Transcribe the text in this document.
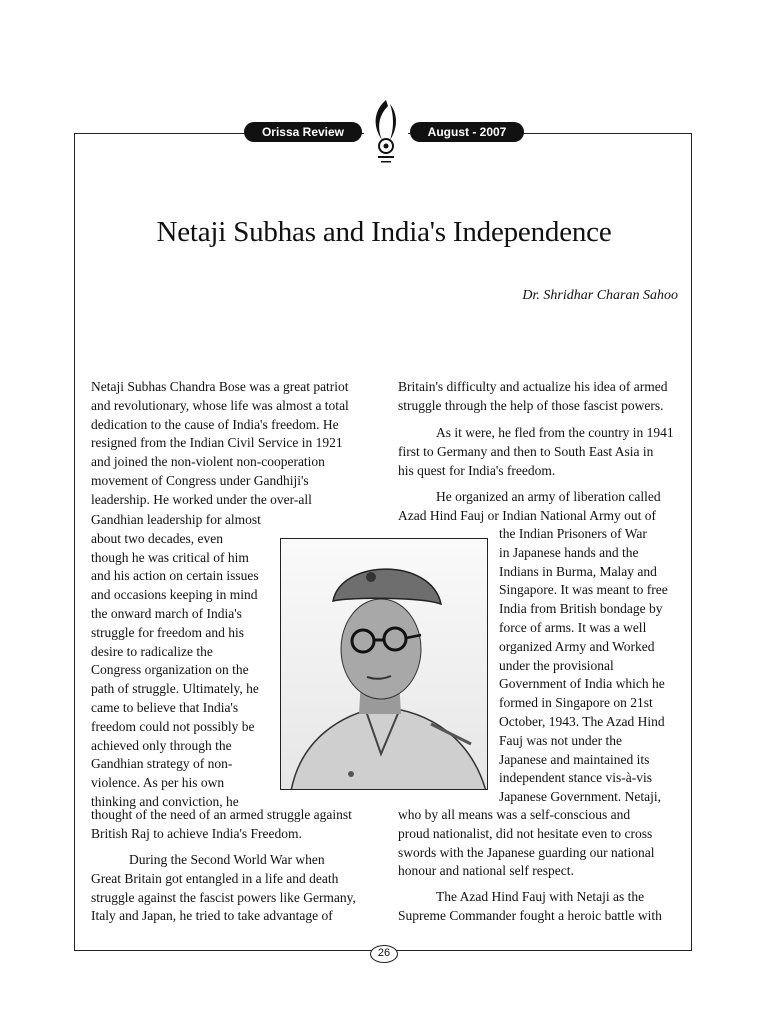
Orissa Review	August - 2007
Netaji Subhas and India's Independence
Dr. Shridhar Charan Sahoo

Netaji Subhas Chandra Bose was a great patriot
and revolutionary, whose life was almost a total
dedication to the cause of India's freedom. He
resigned from the Indian Civil Service in 1921
and joined the non-violent non-cooperation
movement of Congress under Gandhiji's
leadership. He worked under the over-all

Gandhian leadership for almost
about two decades, even
though he was critical of him
and his action on certain issues
and occasions keeping in mind
the onward march of India's
struggle for freedom and his
desire to radicalize the
Congress organization on the
path of struggle. Ultimately, he
came to believe that India's
freedom could not possibly be
achieved only through the
Gandhian strategy of non-
violence. As per his own
thinking and conviction, he

thought of the need of an armed struggle against
British Raj to achieve India's Freedom.

During the Second World War when
Great Britain got entangled in a life and death
struggle against the fascist powers like Germany,
Italy and Japan, he tried to take advantage of

Britain's difficulty and actualize his idea of armed
struggle through the help of those fascist powers.

As it were, he fled from the country in 1941
first to Germany and then to South East Asia in
his quest for India's freedom.

He organized an army of liberation called
Azad Hind Fauj or Indian National Army out of

the Indian Prisoners of War
in Japanese hands and the
Indians in Burma, Malay and
Singapore. It was meant to free
India from British bondage by
force of arms. It was a well
organized Army and Worked
under the provisional
Government of India which he
formed in Singapore on 21st
October, 1943. The Azad Hind
Fauj was not under the
Japanese and maintained its
independent stance vis-à-vis
Japanese Government. Netaji,

who by all means was a self-conscious and
proud nationalist, did not hesitate even to cross
swords with the Japanese guarding our national
honour and national self respect.

The Azad Hind Fauj with Netaji as the
Supreme Commander fought a heroic battle with

26
